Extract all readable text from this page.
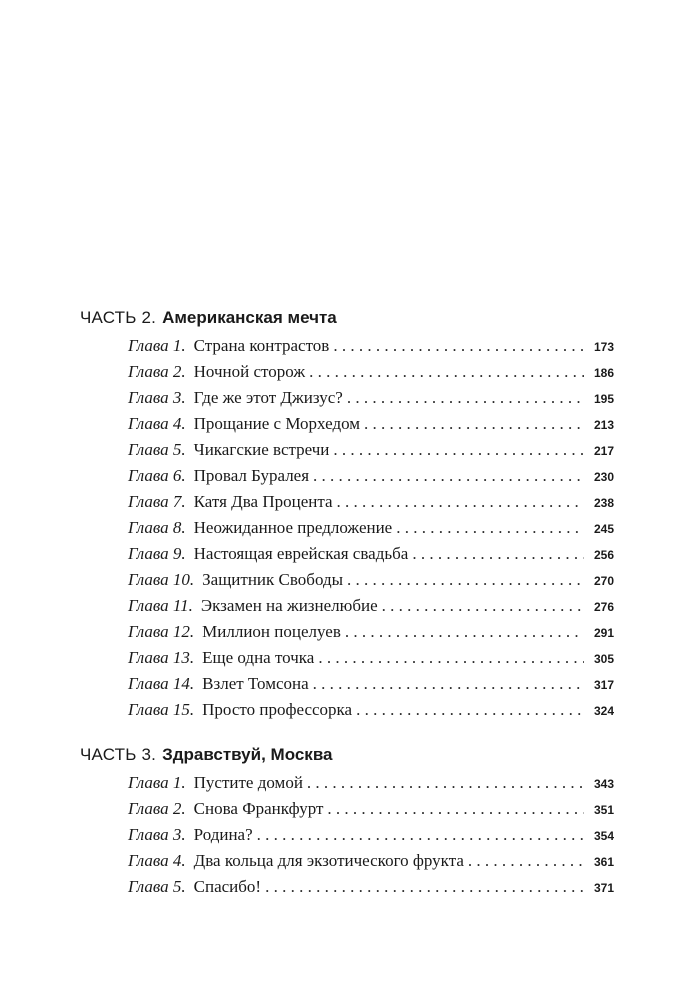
ЧАСТЬ 2. Американская мечта
Глава 1. Страна контрастов . . .	173
Глава 2. Ночной сторож . . .	186
Глава 3. Где же этот Джизус? . . .	195
Глава 4. Прощание с Морхедом . . .	213
Глава 5. Чикагские встречи . . .	217
Глава 6. Провал Буралея . . .	230
Глава 7. Катя Два Процента . . .	238
Глава 8. Неожиданное предложение . . .	245
Глава 9. Настоящая еврейская свадьба . . .	256
Глава 10. Защитник Свободы . . .	270
Глава 11. Экзамен на жизнелюбие . . .	276
Глава 12. Миллион поцелуев . . .	291
Глава 13. Еще одна точка . . .	305
Глава 14. Взлет Томсона . . .	317
Глава 15. Просто профессорка . . .	324
ЧАСТЬ 3. Здравствуй, Москва
Глава 1. Пустите домой . . .	343
Глава 2. Снова Франкфурт . . .	351
Глава 3. Родина? . . .	354
Глава 4. Два кольца для экзотического фрукта . . .	361
Глава 5. Спасибо! . . .	371
